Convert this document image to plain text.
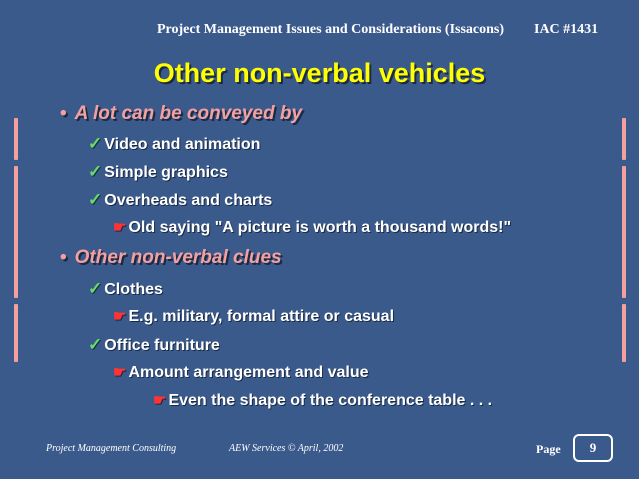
Project Management Issues and Considerations (Issacons) IAC #1431
Other non-verbal vehicles
• A lot can be conveyed by
✓ Video and animation
✓ Simple graphics
✓ Overheads and charts
☛ Old saying "A picture is worth a thousand words!"
• Other non-verbal clues
✓ Clothes
☛ E.g. military, formal attire or casual
✓ Office furniture
☛ Amount arrangement and value
☛ Even the shape of the conference table . . .
Project Management Consulting	AEW Services © April, 2002	Page	9
